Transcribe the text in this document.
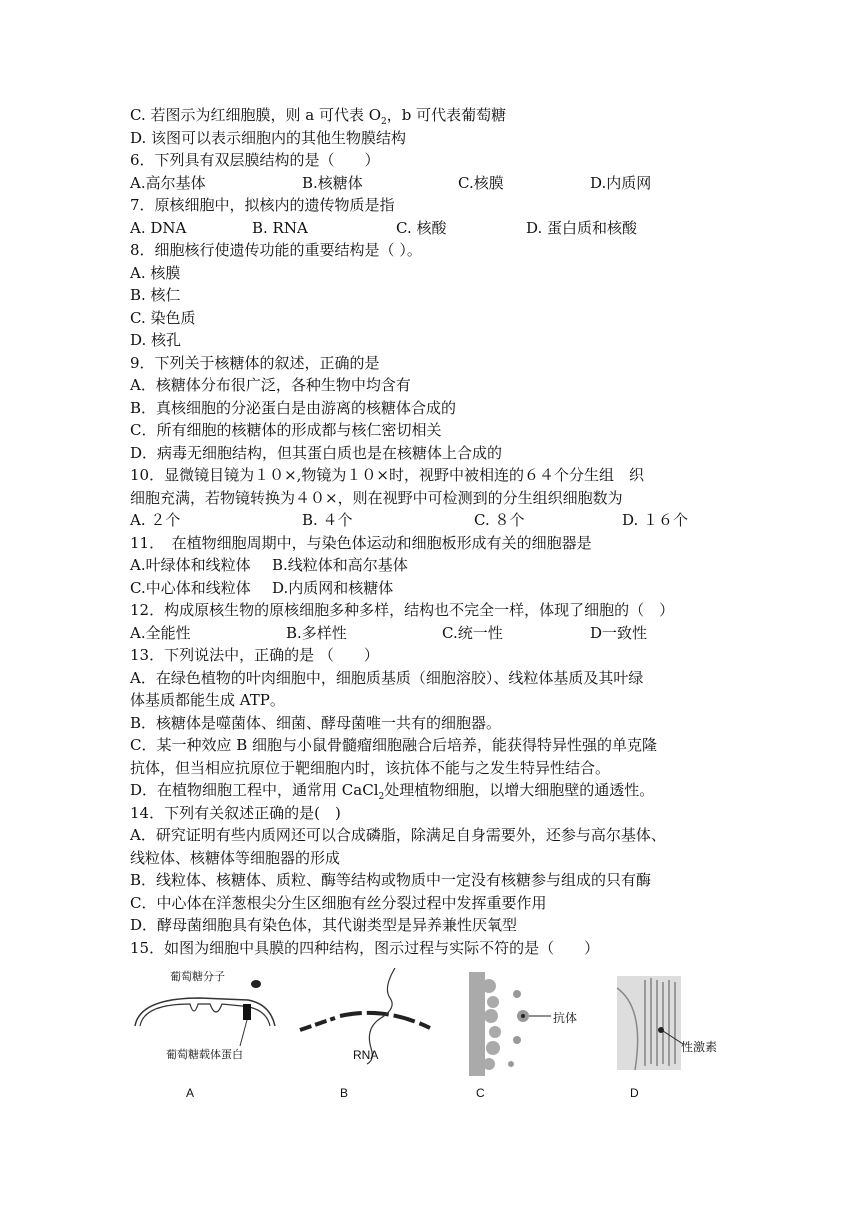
C. 若图示为红细胞膜，则 a 可代表 $O_2$，b 可代表葡萄糖
D. 该图可以表示细胞内的其他生物膜结构
6．下列具有双层膜结构的是（　　）
A.高尔基体	B.核糖体	C.核膜	D.内质网
7．原核细胞中，拟核内的遗传物质是指
A. DNA	B. RNA	C. 核酸	D. 蛋白质和核酸
8．细胞核行使遗传功能的重要结构是（ ）。
A. 核膜
B. 核仁
C. 染色质
D. 核孔
9．下列关于核糖体的叙述，正确的是
A．核糖体分布很广泛，各种生物中均含有
B．真核细胞的分泌蛋白是由游离的核糖体合成的
C．所有细胞的核糖体的形成都与核仁密切相关
D．病毒无细胞结构，但其蛋白质也是在核糖体上合成的
10．显微镜目镜为１０×,物镜为１０×时，视野中被相连的６４个分生组　织
细胞充满，若物镜转换为４０×，则在视野中可检测到的分生组织细胞数为
A. ２个	B. ４个	C. ８个	D. １６个
11．　在植物细胞周期中，与染色体运动和细胞板形成有关的细胞器是
A.叶绿体和线粒体	B.线粒体和高尔基体
C.中心体和线粒体	D.内质网和核糖体
12．构成原核生物的原核细胞多种多样，结构也不完全一样，体现了细胞的（　）
A.全能性	B.多样性	C.统一性	D一致性
13．下列说法中，正确的是 （　　）
A．在绿色植物的叶肉细胞中，细胞质基质（细胞溶胶）、线粒体基质及其叶绿
体基质都能生成 ATP。
B．核糖体是噬菌体、细菌、酵母菌唯一共有的细胞器。
C．某一种效应 B 细胞与小鼠骨髓瘤细胞融合后培养，能获得特异性强的单克隆
抗体，但当相应抗原位于靶细胞内时，该抗体不能与之发生特异性结合。
D．在植物细胞工程中，通常用 CaCl$_2$处理植物细胞，以增大细胞壁的通透性。
14．下列有关叙述正确的是(　)
A．研究证明有些内质网还可以合成磷脂，除满足自身需要外，还参与高尔基体、
线粒体、核糖体等细胞器的形成
B．线粒体、核糖体、质粒、酶等结构或物质中一定没有核糖参与组成的只有酶
C．中心体在洋葱根尖分生区细胞有丝分裂过程中发挥重要作用
D．酵母菌细胞具有染色体，其代谢类型是异养兼性厌氧型
15．如图为细胞中具膜的四种结构，图示过程与实际不符的是（　　）
葡萄糖分子
葡萄糖载体蛋白	RNA
抗体
性激素
A	B	C	D
